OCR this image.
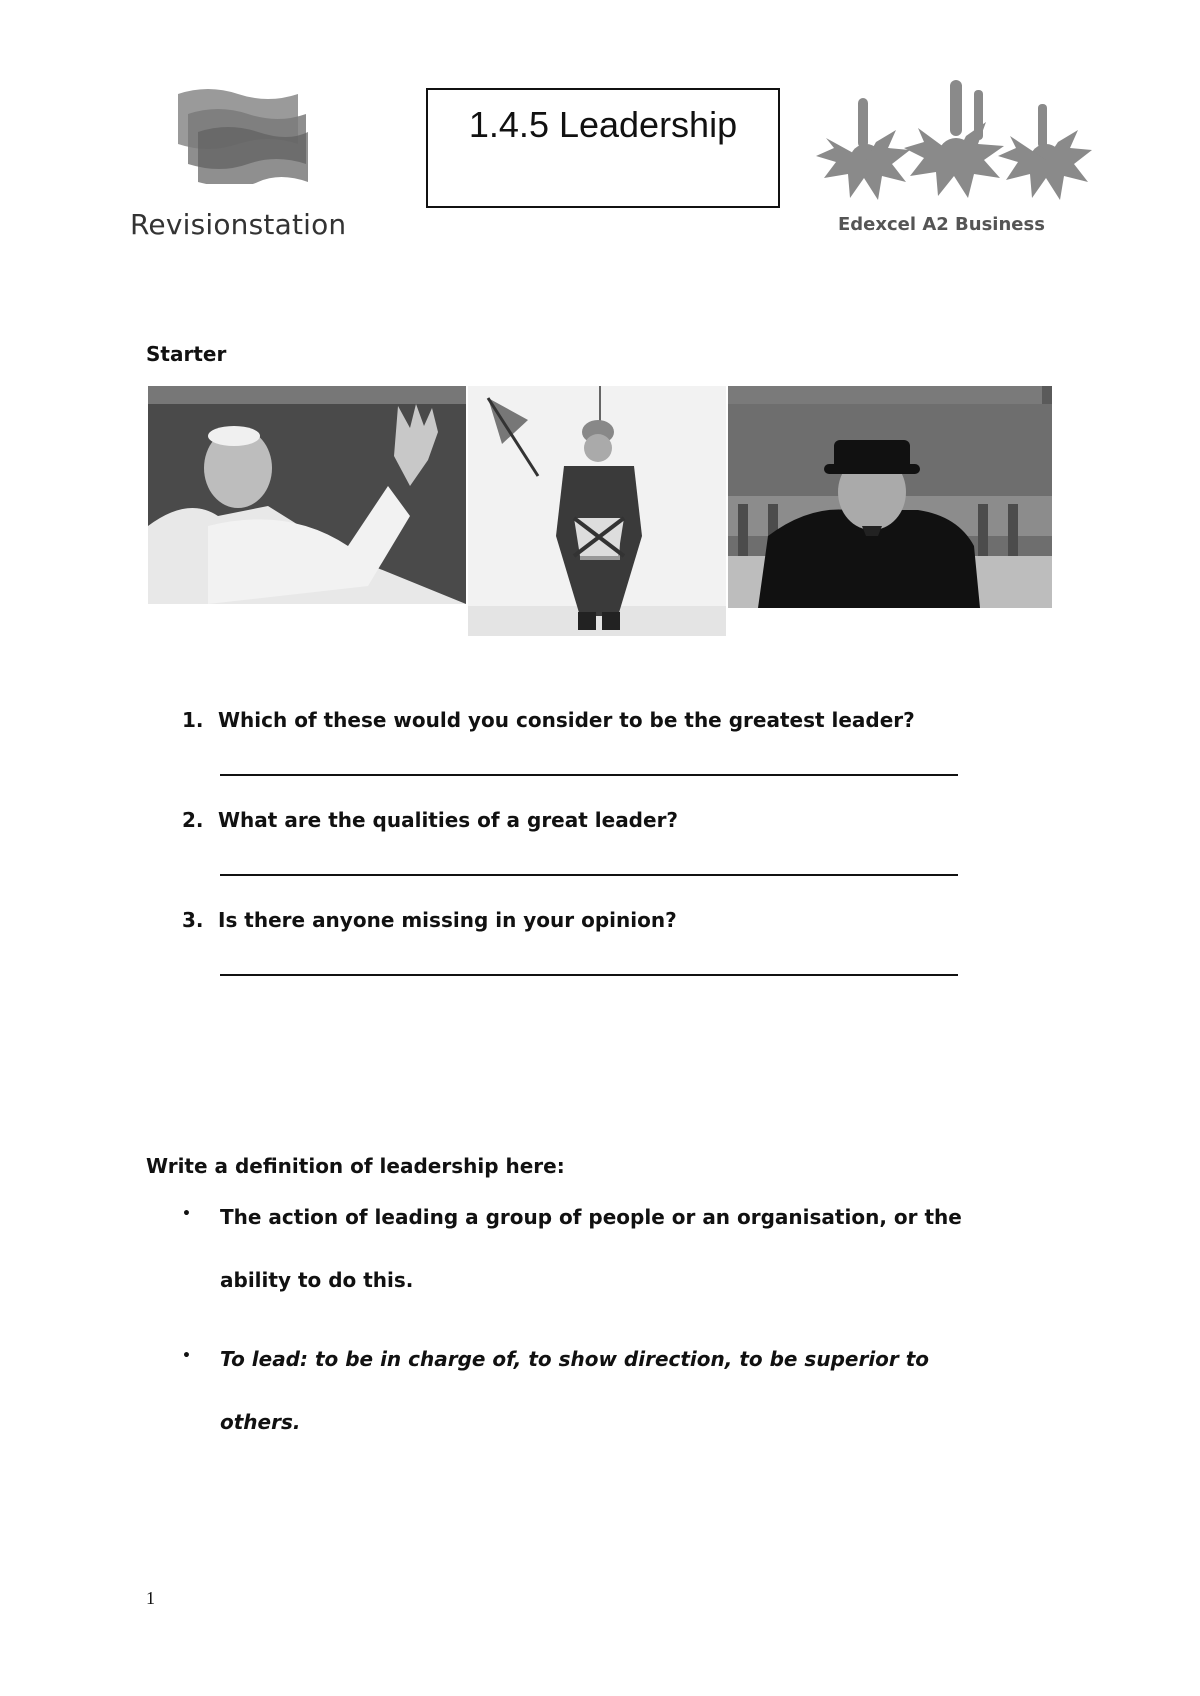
Revisionstation
1.4.5 Leadership
Edexcel A2 Business
Starter
1. Which of these would you consider to be the greatest leader?
2. What are the qualities of a great leader?
3. Is there anyone missing in your opinion?
Write a definition of leadership here:
• The action of leading a group of people or an organisation, or the
ability to do this.
• To lead: to be in charge of, to show direction, to be superior to
others.
1
